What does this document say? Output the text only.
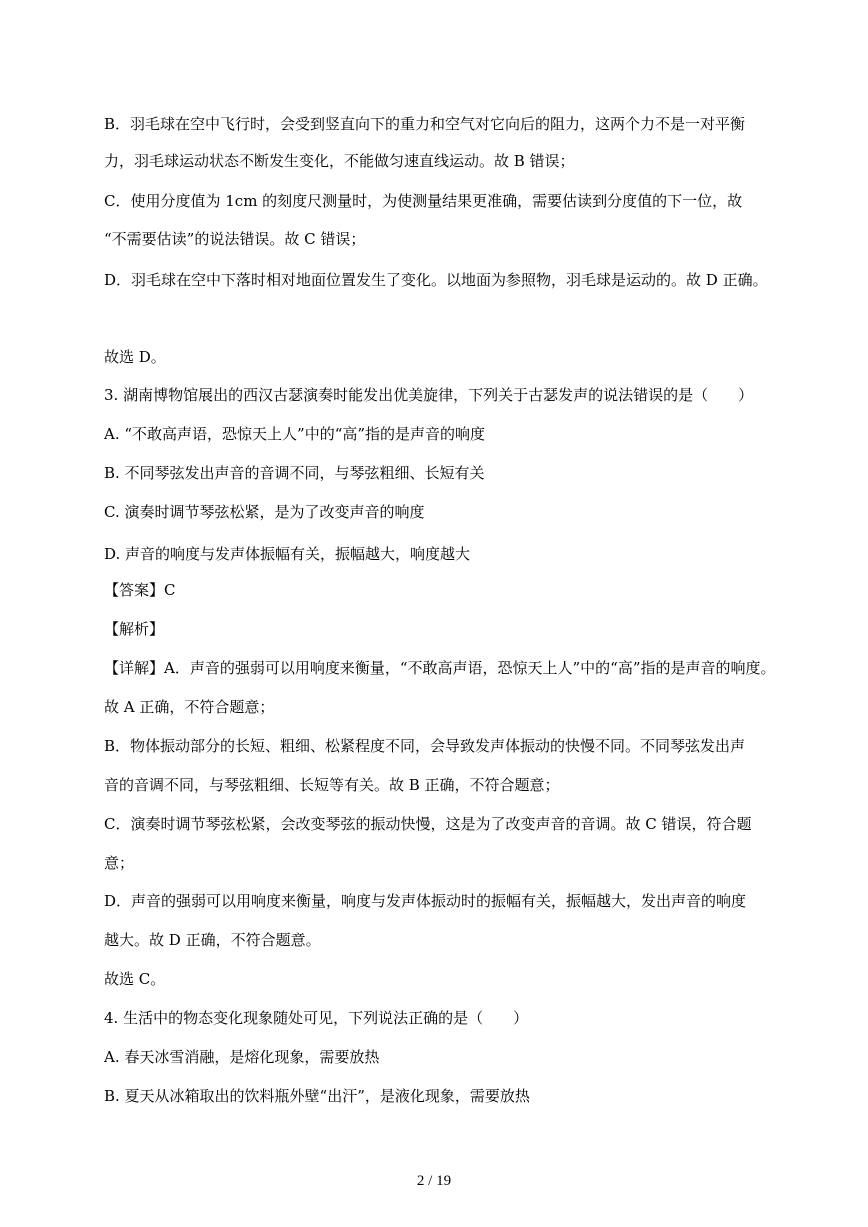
B．羽毛球在空中飞行时，会受到竖直向下的重力和空气对它向后的阻力，这两个力不是一对平衡

力，羽毛球运动状态不断发生变化，不能做匀速直线运动。故 B 错误；

C．使用分度值为 1cm 的刻度尺测量时，为使测量结果更准确，需要估读到分度值的下一位，故

“不需要估读”的说法错误。故 C 错误；

D．羽毛球在空中下落时相对地面位置发生了变化。以地面为参照物，羽毛球是运动的。故 D 正确。

故选 D。

3. 湖南博物馆展出的西汉古瑟演奏时能发出优美旋律，下列关于古瑟发声的说法错误的是（　　）

A. “不敢高声语，恐惊天上人”中的“高”指的是声音的响度

B. 不同琴弦发出声音的音调不同，与琴弦粗细、长短有关

C. 演奏时调节琴弦松紧，是为了改变声音的响度

D. 声音的响度与发声体振幅有关，振幅越大，响度越大

【答案】C

【解析】

【详解】A．声音的强弱可以用响度来衡量，“不敢高声语，恐惊天上人”中的“高”指的是声音的响度。

故 A 正确，不符合题意；

B．物体振动部分的长短、粗细、松紧程度不同，会导致发声体振动的快慢不同。不同琴弦发出声

音的音调不同，与琴弦粗细、长短等有关。故 B 正确，不符合题意；

C．演奏时调节琴弦松紧，会改变琴弦的振动快慢，这是为了改变声音的音调。故 C 错误，符合题

意；

D．声音的强弱可以用响度来衡量，响度与发声体振动时的振幅有关，振幅越大，发出声音的响度

越大。故 D 正确，不符合题意。

故选 C。

4. 生活中的物态变化现象随处可见，下列说法正确的是（　　）

A. 春天冰雪消融，是熔化现象，需要放热

B. 夏天从冰箱取出的饮料瓶外壁“出汗”，是液化现象，需要放热

2 / 19
